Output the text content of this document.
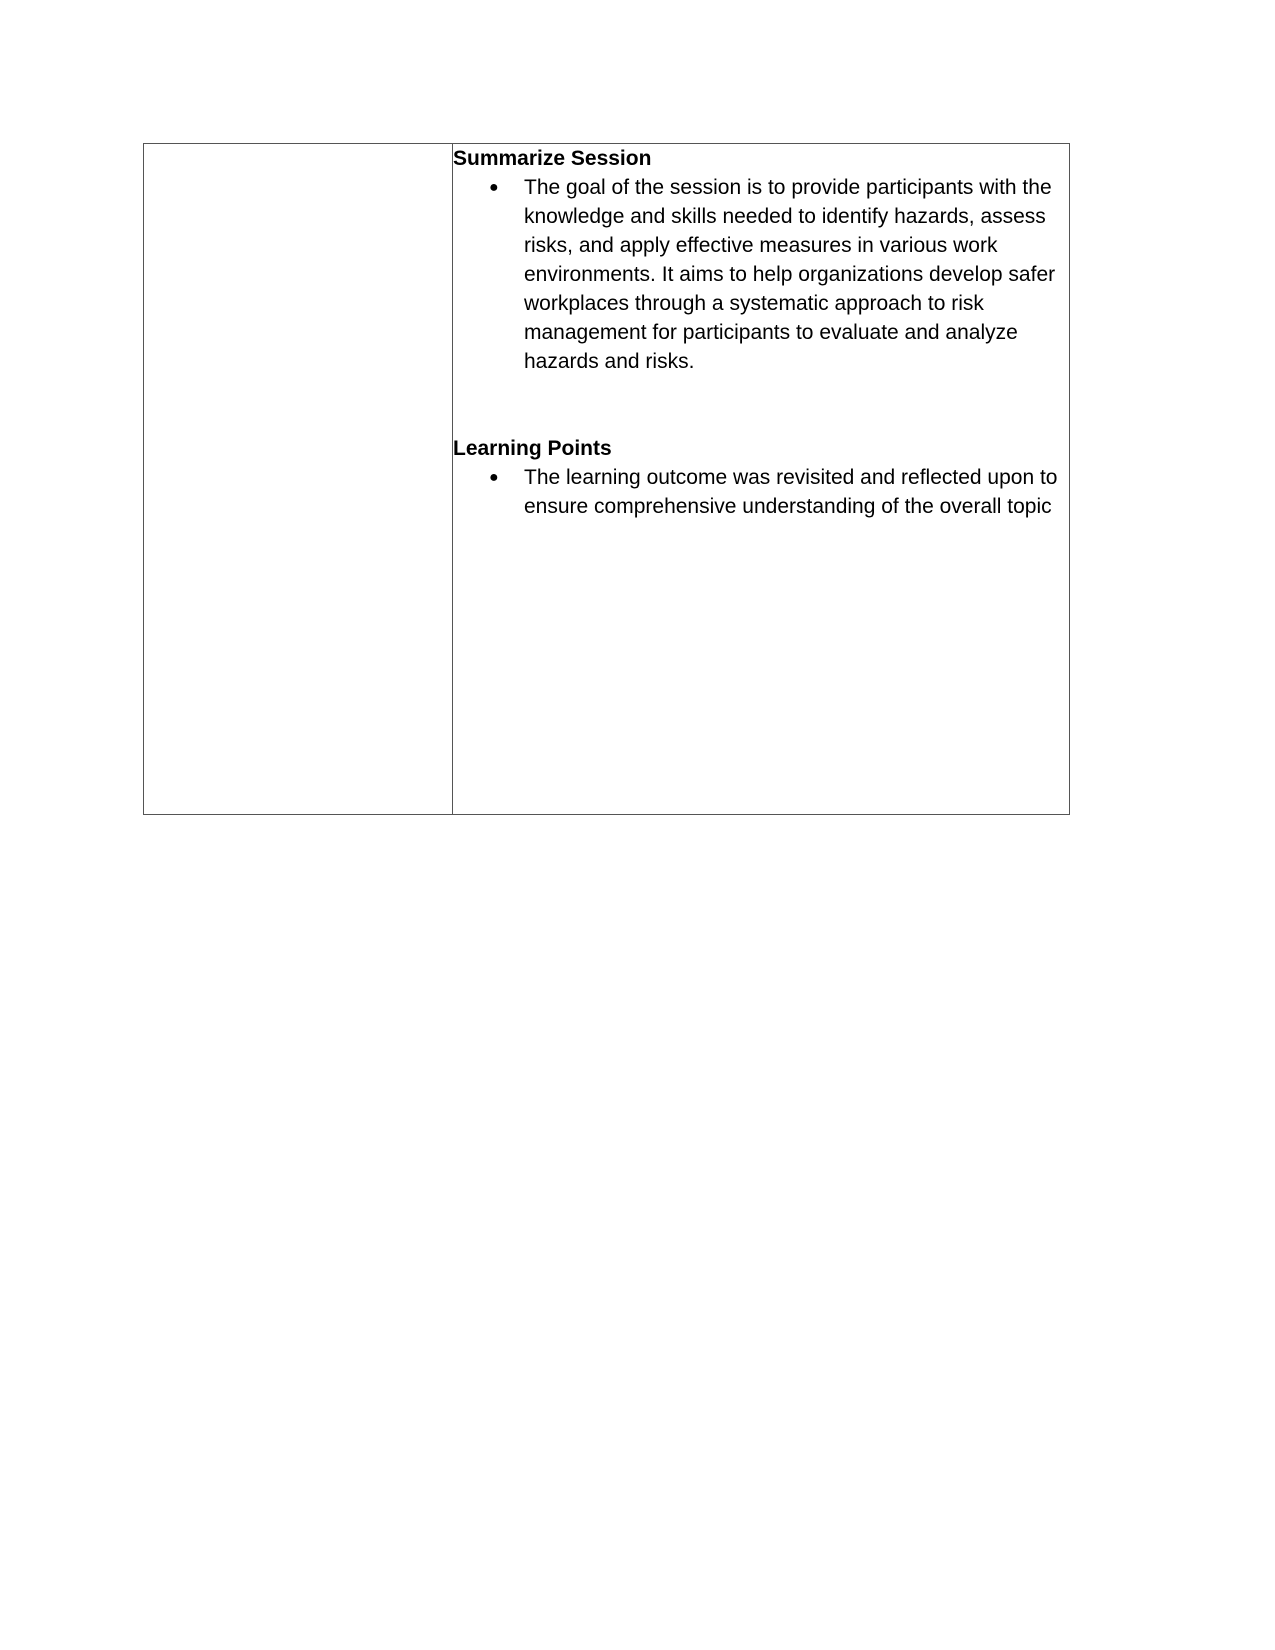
Summarize Session

● The goal of the session is to provide participants with the knowledge and skills needed to identify hazards, assess risks, and apply effective measures in various work environments. It aims to help organizations develop safer workplaces through a systematic approach to risk management for participants to evaluate and analyze hazards and risks.

Learning Points

● The learning outcome was revisited and reflected upon to ensure comprehensive understanding of the overall topic
